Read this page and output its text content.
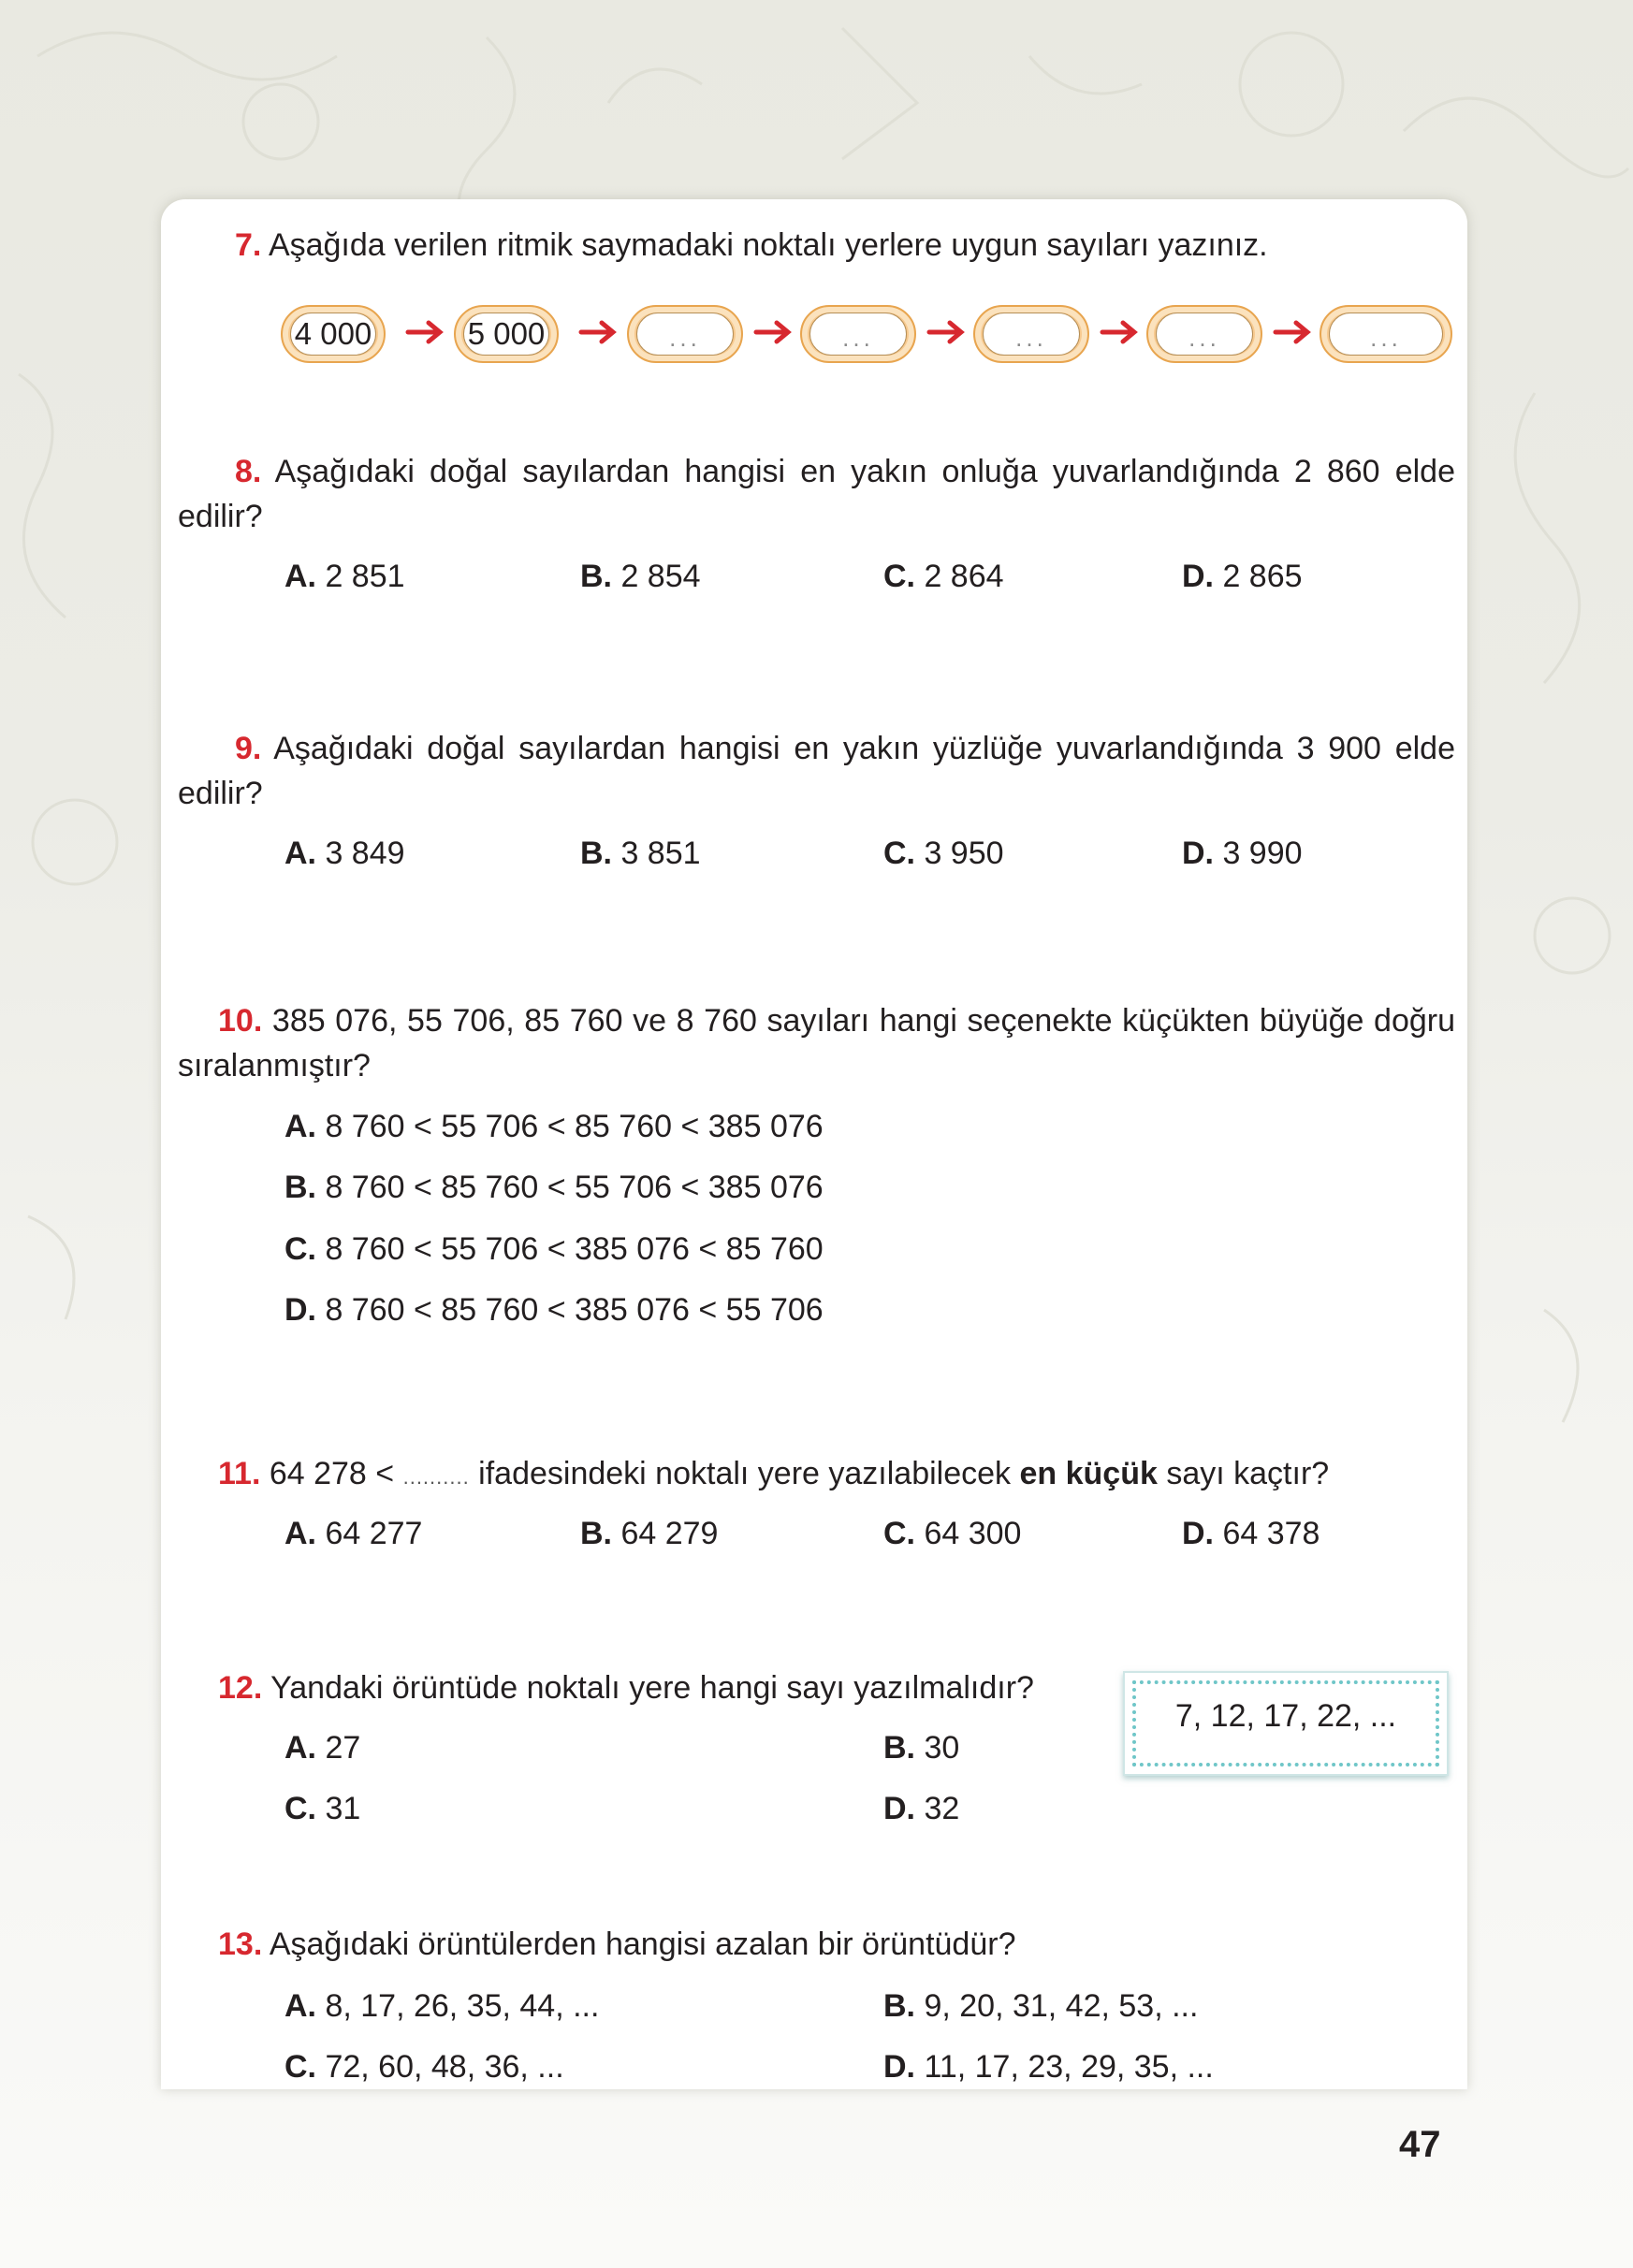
7. Aşağıda verilen ritmik saymadaki noktalı yerlere uygun sayıları yazınız.
4 000	5 000	...	...	...	...	...
8. Aşağıdaki doğal sayılardan hangisi en yakın onluğa yuvarlandığında 2 860 elde edilir?
A. 2 851	B. 2 854	C. 2 864	D. 2 865
9. Aşağıdaki doğal sayılardan hangisi en yakın yüzlüğe yuvarlandığında 3 900 elde edilir?
A. 3 849	B. 3 851	C. 3 950	D. 3 990
10. 385 076, 55 706, 85 760 ve 8 760 sayıları hangi seçenekte küçükten büyüğe doğru sıralanmıştır?
A. 8 760 < 55 706 < 85 760 < 385 076
B. 8 760 < 85 760 < 55 706 < 385 076
C. 8 760 < 55 706 < 385 076 < 85 760
D. 8 760 < 85 760 < 385 076 < 55 706
11. 64 278 < .......... ifadesindeki noktalı yere yazılabilecek en küçük sayı kaçtır?
A. 64 277	B. 64 279	C. 64 300	D. 64 378
12. Yandaki örüntüde noktalı yere hangi sayı yazılmalıdır?
7, 12, 17, 22, ...
A. 27	B. 30
C. 31	D. 32
13. Aşağıdaki örüntülerden hangisi azalan bir örüntüdür?
A. 8, 17, 26, 35, 44, ...	B. 9, 20, 31, 42, 53, ...
C. 72, 60, 48, 36, ...	D. 11, 17, 23, 29, 35, ...
47
